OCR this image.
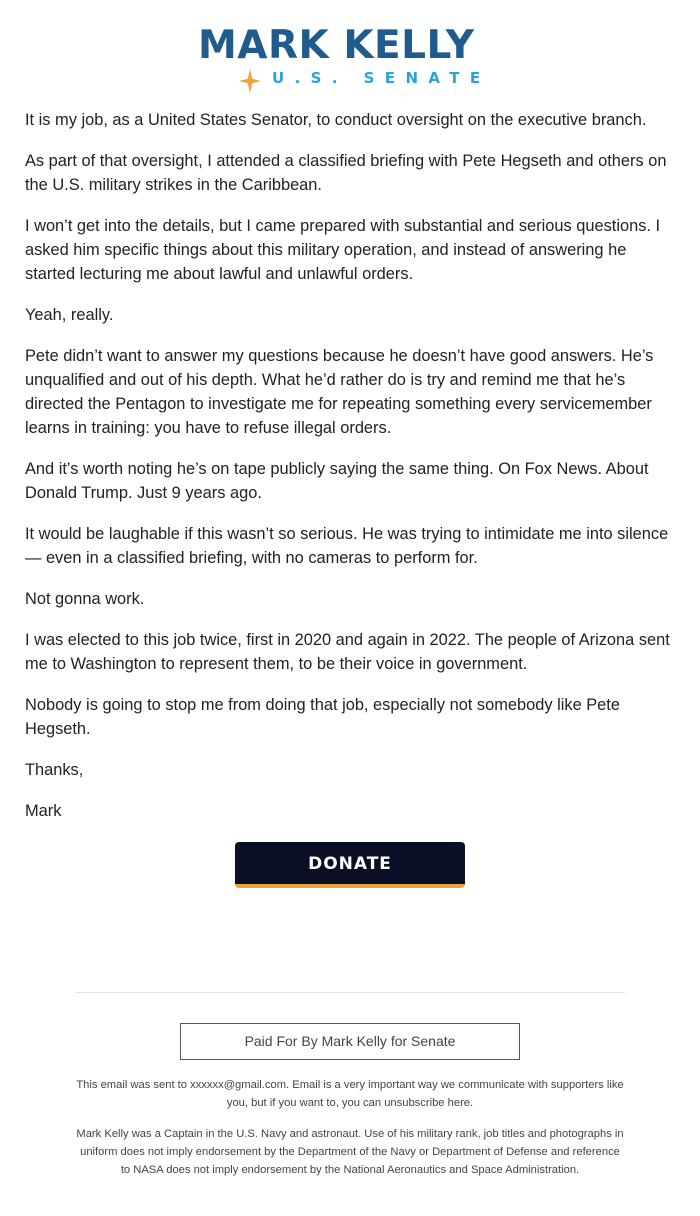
MARK KELLY
U.S. SENATE

It is my job, as a United States Senator, to conduct oversight on the executive branch.

As part of that oversight, I attended a classified briefing with Pete Hegseth and others on the U.S. military strikes in the Caribbean.

I won’t get into the details, but I came prepared with substantial and serious questions. I asked him specific things about this military operation, and instead of answering he started lecturing me about lawful and unlawful orders.

Yeah, really.

Pete didn’t want to answer my questions because he doesn’t have good answers. He’s unqualified and out of his depth. What he’d rather do is try and remind me that he’s directed the Pentagon to investigate me for repeating something every servicemember learns in training: you have to refuse illegal orders.

And it’s worth noting he’s on tape publicly saying the same thing. On Fox News. About Donald Trump. Just 9 years ago.

It would be laughable if this wasn’t so serious. He was trying to intimidate me into silence — even in a classified briefing, with no cameras to perform for.

Not gonna work.

I was elected to this job twice, first in 2020 and again in 2022. The people of Arizona sent me to Washington to represent them, to be their voice in government.

Nobody is going to stop me from doing that job, especially not somebody like Pete Hegseth.

Thanks,

Mark

DONATE
Paid For By Mark Kelly for Senate
This email was sent to xxxxxx@gmail.com. Email is a very important way we communicate with supporters like you, but if you want to, you can unsubscribe here.
Mark Kelly was a Captain in the U.S. Navy and astronaut. Use of his military rank, job titles and photographs in uniform does not imply endorsement by the Department of the Navy or Department of Defense and reference to NASA does not imply endorsement by the National Aeronautics and Space Administration.
